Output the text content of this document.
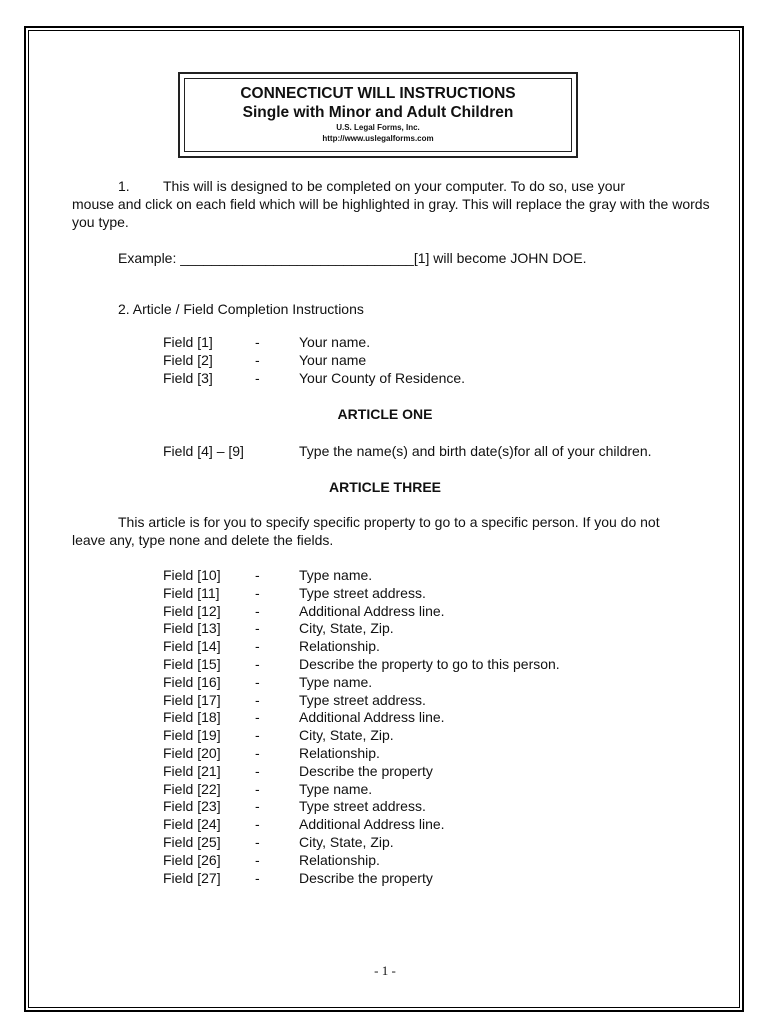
CONNECTICUT WILL INSTRUCTIONS
Single with Minor and Adult Children
U.S. Legal Forms, Inc.
http://www.uslegalforms.com
1. This will is designed to be completed on your computer. To do so, use your
mouse and click on each field which will be highlighted in gray. This will replace the gray with the words you type.
Example: ______________________________[1] will become JOHN DOE.
2. Article / Field Completion Instructions
Field [1]	-	Your name.
Field [2]	-	Your name
Field [3]	-	Your County of Residence.
ARTICLE ONE
Field [4] – [9]	Type the name(s) and birth date(s)for all of your children.
ARTICLE THREE
This article is for you to specify specific property to go to a specific person. If you do not leave any, type none and delete the fields.
Field [10]	-	Type name.
Field [11]	-	Type street address.
Field [12]	-	Additional Address line.
Field [13]	-	City, State, Zip.
Field [14]	-	Relationship.
Field [15]	-	Describe the property to go to this person.
Field [16]	-	Type name.
Field [17]	-	Type street address.
Field [18]	-	Additional Address line.
Field [19]	-	City, State, Zip.
Field [20]	-	Relationship.
Field [21]	-	Describe the property
Field [22]	-	Type name.
Field [23]	-	Type street address.
Field [24]	-	Additional Address line.
Field [25]	-	City, State, Zip.
Field [26]	-	Relationship.
Field [27]	-	Describe the property
- 1 -
